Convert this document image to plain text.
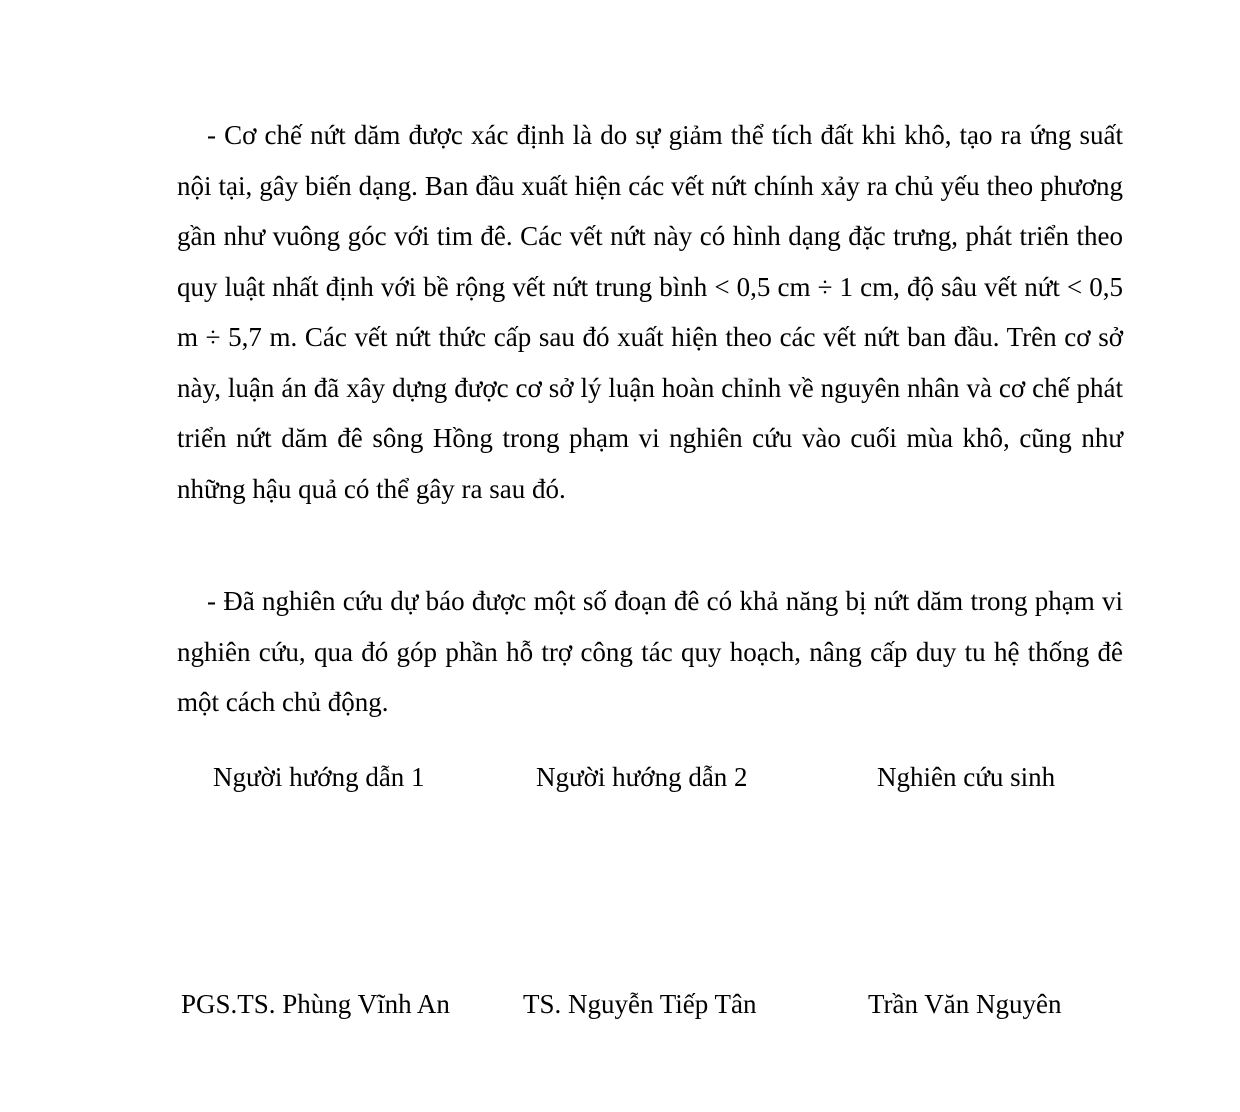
- Cơ chế nứt dăm được xác định là do sự giảm thể tích đất khi khô, tạo ra ứng suất nội tại, gây biến dạng. Ban đầu xuất hiện các vết nứt chính xảy ra chủ yếu theo phương gần như vuông góc với tim đê. Các vết nứt này có hình dạng đặc trưng, phát triển theo quy luật nhất định với bề rộng vết nứt trung bình < 0,5 cm ÷ 1 cm, độ sâu vết nứt < 0,5 m ÷ 5,7 m. Các vết nứt thức cấp sau đó xuất hiện theo các vết nứt ban đầu. Trên cơ sở này, luận án đã xây dựng được cơ sở lý luận hoàn chỉnh về nguyên nhân và cơ chế phát triển nứt dăm đê sông Hồng trong phạm vi nghiên cứu vào cuối mùa khô, cũng như những hậu quả có thể gây ra sau đó.

- Đã nghiên cứu dự báo được một số đoạn đê có khả năng bị nứt dăm trong phạm vi nghiên cứu, qua đó góp phần hỗ trợ công tác quy hoạch, nâng cấp duy tu hệ thống đê một cách chủ động.

Người hướng dẫn 1	Người hướng dẫn 2	Nghiên cứu sinh
PGS.TS. Phùng Vĩnh An	TS. Nguyễn Tiếp Tân	Trần Văn Nguyên
